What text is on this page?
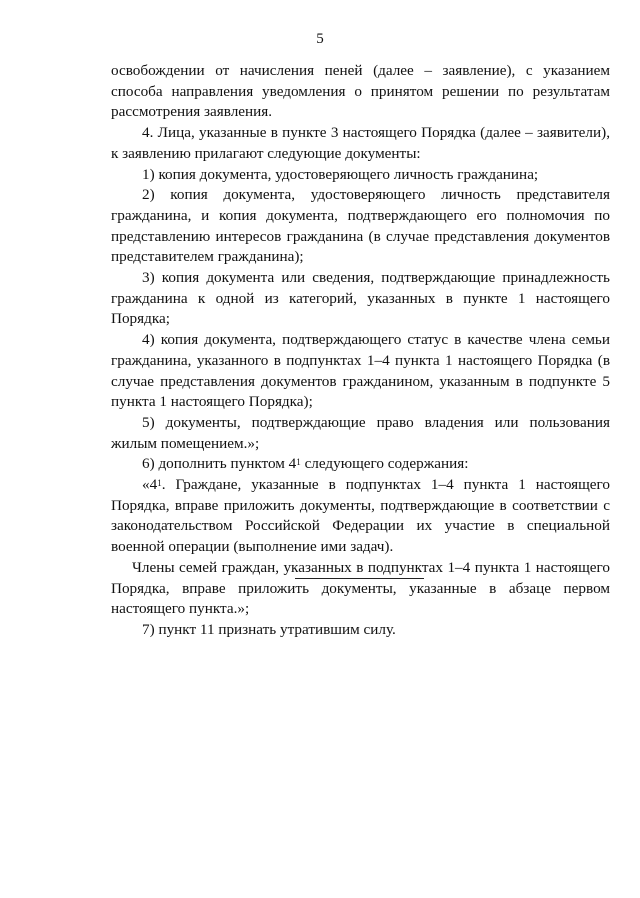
5

освобождении от начисления пеней (далее – заявление), с указанием способа направления уведомления о принятом решении по результатам рассмотрения заявления.

4. Лица, указанные в пункте 3 настоящего Порядка (далее – заявители), к заявлению прилагают следующие документы:

1) копия документа, удостоверяющего личность гражданина;

2) копия документа, удостоверяющего личность представителя гражданина, и копия документа, подтверждающего его полномочия по представлению интересов гражданина (в случае представления документов представителем гражданина);

3) копия документа или сведения, подтверждающие принадлежность гражданина к одной из категорий, указанных в пункте 1 настоящего Порядка;

4) копия документа, подтверждающего статус в качестве члена семьи гражданина, указанного в подпунктах 1–4 пункта 1 настоящего Порядка (в случае представления документов гражданином, указанным в подпункте 5 пункта 1 настоящего Порядка);

5) документы, подтверждающие право владения или пользования жилым помещением.»;

6) дополнить пунктом $4^1$ следующего содержания:

«$4^1$. Граждане, указанные в подпунктах 1–4 пункта 1 настоящего Порядка, вправе приложить документы, подтверждающие в соответствии с законодательством Российской Федерации их участие в специальной военной операции (выполнение ими задач).

Члены семей граждан, указанных в подпунктах 1–4 пункта 1 настоящего Порядка, вправе приложить документы, указанные в абзаце первом настоящего пункта.»;

7) пункт 11 признать утратившим силу.
